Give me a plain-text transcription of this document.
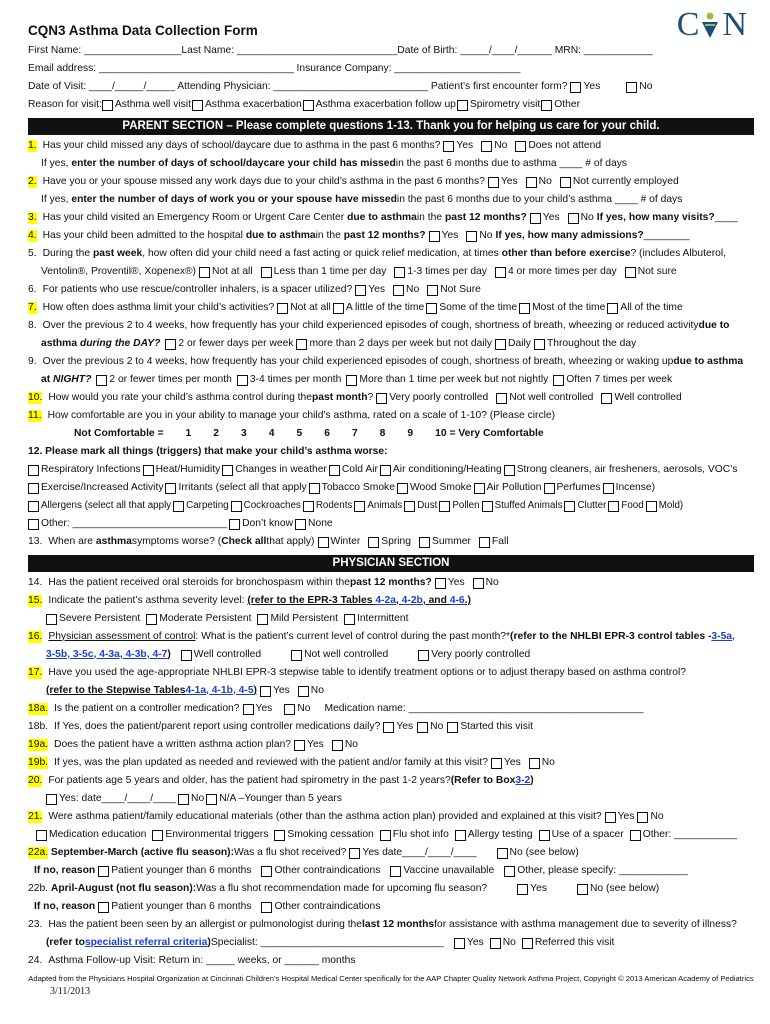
CQN3 Asthma Data Collection Form	C N
First Name: _________________Last Name: ____________________________Date of Birth: _____/____/______ MRN: ____________
Email address: __________________________________ Insurance Company: ______________________
Date of Visit: ____/_____/_____ Attending Physician: ___________________________ Patient’s first encounter form? Yes	No
Reason for visit: Asthma well visit Asthma exacerbation Asthma exacerbation follow up Spirometry visit Other
PARENT SECTION – Please complete questions 1-13. Thank you for helping us care for your child.
1. Has your child missed any days of school/daycare due to asthma in the past 6 months? Yes No Does not attend
If yes,
enter the number of days of school/daycare your child has missed in the past 6 months due to asthma ____ # of days
2. Have you or your spouse missed any work days due to your child’s asthma in the past 6 months? Yes No Not currently employed
If yes,
enter the number of days of work you or your spouse have missed in the past 6 months due to your child’s asthma ____ # of days
3. Has your child visited an Emergency Room or Urgent Care Center
due to asthma in the
past 12 months? Yes No If yes, how many visits? ____
4. Has your child been admitted to the hospital
due to asthma in the
past 12 months? Yes No If yes, how many admissions? ________
5. During the
past week , how often did your child need a fast acting or quick relief medication, at times
other than before exercise ? (includes Albuterol,
Ventolin®, Proventil®, Xopenex®) Not at all Less than 1 time per day 1-3 times per day 4 or more times per day Not sure
6. For patients who use rescue/controller inhalers, is a spacer utilized? Yes No Not Sure
7. How often does asthma limit your child’s activities? Not at all A little of the time Some of the time Most of the time All of the time
8. Over the previous 2 to 4 weeks, how frequently has your child experienced episodes of cough, shortness of breath, wheezing or reduced activity due to
asthma
during the DAY? 2 or fewer days per week more than 2 days per week but not daily Daily Throughout the day
9. Over the previous 2 to 4 weeks, how frequently has your child experienced episodes of cough, shortness of breath, wheezing or waking up due to asthma
at
NIGHT? 2 or fewer times per month 3-4 times per month More than 1 time per week but not nightly Often 7 times per week
10. How would you rate your child’s asthma control during the past month ? Very poorly controlled Not well controlled Well controlled
11. How comfortable are you in your ability to manage your child’s asthma, rated on a scale of 1-10? (Please circle)
Not Comfortable = 1 2 3 4 5 6 7 8 9 10 = Very Comfortable
12. Please mark all things (triggers) that make your child’s asthma worse:
Respiratory Infections Heat/Humidity Changes in weather Cold Air Air conditioning/Heating Strong cleaners, air fresheners, aerosols, VOC’s
Exercise/Increased Activity Irritants (select all that apply Tobacco Smoke Wood Smoke Air Pollution Perfumes Incense)
Allergens (select all that apply Carpeting Cockroaches Rodents Animals Dust Pollen Stuffed Animals Clutter Food Mold)
Other: ___________________________ Don’t know None
13. When are
asthma symptoms worse? ( Check all that apply) Winter Spring Summer Fall
PHYSICIAN SECTION
14. Has the patient received oral steroids for bronchospasm within the past 12 months? Yes No
15. Indicate the patient’s asthma severity level:
(refer to the EPR-3 Tables 4-2a, 4-2b, and 4-6.)
Severe Persistent Moderate Persistent Mild Persistent Intermittent
16. Physician assessment of control : What is the patient’s current level of control during the past month?* (refer to the NHLBI EPR-3 control tables - 3-5a,
3-5b, 3-5c, 4-3a, 4-3b, 4-7 ) Well controlled	Not well controlled	Very poorly controlled
17. Have you used the age-appropriate NHLBI EPR-3 stepwise table to identify treatment options or to adjust therapy based on asthma control?
(refer to the Stepwise Tables 4-1a, 4-1b, 4-5 ) Yes No
18a. Is the patient on a controller medication? Yes No Medication name: _________________________________________
18b. If Yes, does the patient/parent report using controller medications daily? Yes No Started this visit
19a. Does the patient have a written asthma action plan? Yes No
19b. If yes, was the plan updated as needed and reviewed with the patient and/or family at this visit? Yes No
20. For patients age 5 years and older, has the patient had spirometry in the past 1-2 years? (Refer to Box 3-2 )
Yes: date____/____/____ No N/A –Younger than 5 years
21. Were asthma patient/family educational materials (other than the asthma action plan) provided and explained at this visit? Yes No
Medication education Environmental triggers Smoking cessation Flu shot info Allergy testing Use of a spacer Other: ___________
22a.
September-March (active flu season): Was a flu shot received? Yes date____/____/____	No (see below)
If no, reason Patient younger than 6 months Other contraindications Vaccine unavailable Other, please specify: ____________
22b.
April-August (not flu season): Was a flu shot recommendation made for upcoming flu season?	Yes	No (see below)
If no, reason Patient younger than 6 months Other contraindications
23. Has the patient been seen by an allergist or pulmonologist during the last 12 months for assistance with asthma management due to severity of illness?
(refer to specialist referral criteria ) Specialist: ________________________________ Yes No Referred this visit
24. Asthma Follow-up Visit: Return in: _____ weeks, or ______ months
Adapted from the Physicians Hospital Organization at Cincinnati Children’s Hospital Medical Center specifically for the AAP Chapter Quality Network Asthma Project, Copyright © 2013 American Academy of Pediatrics
3/11/2013
